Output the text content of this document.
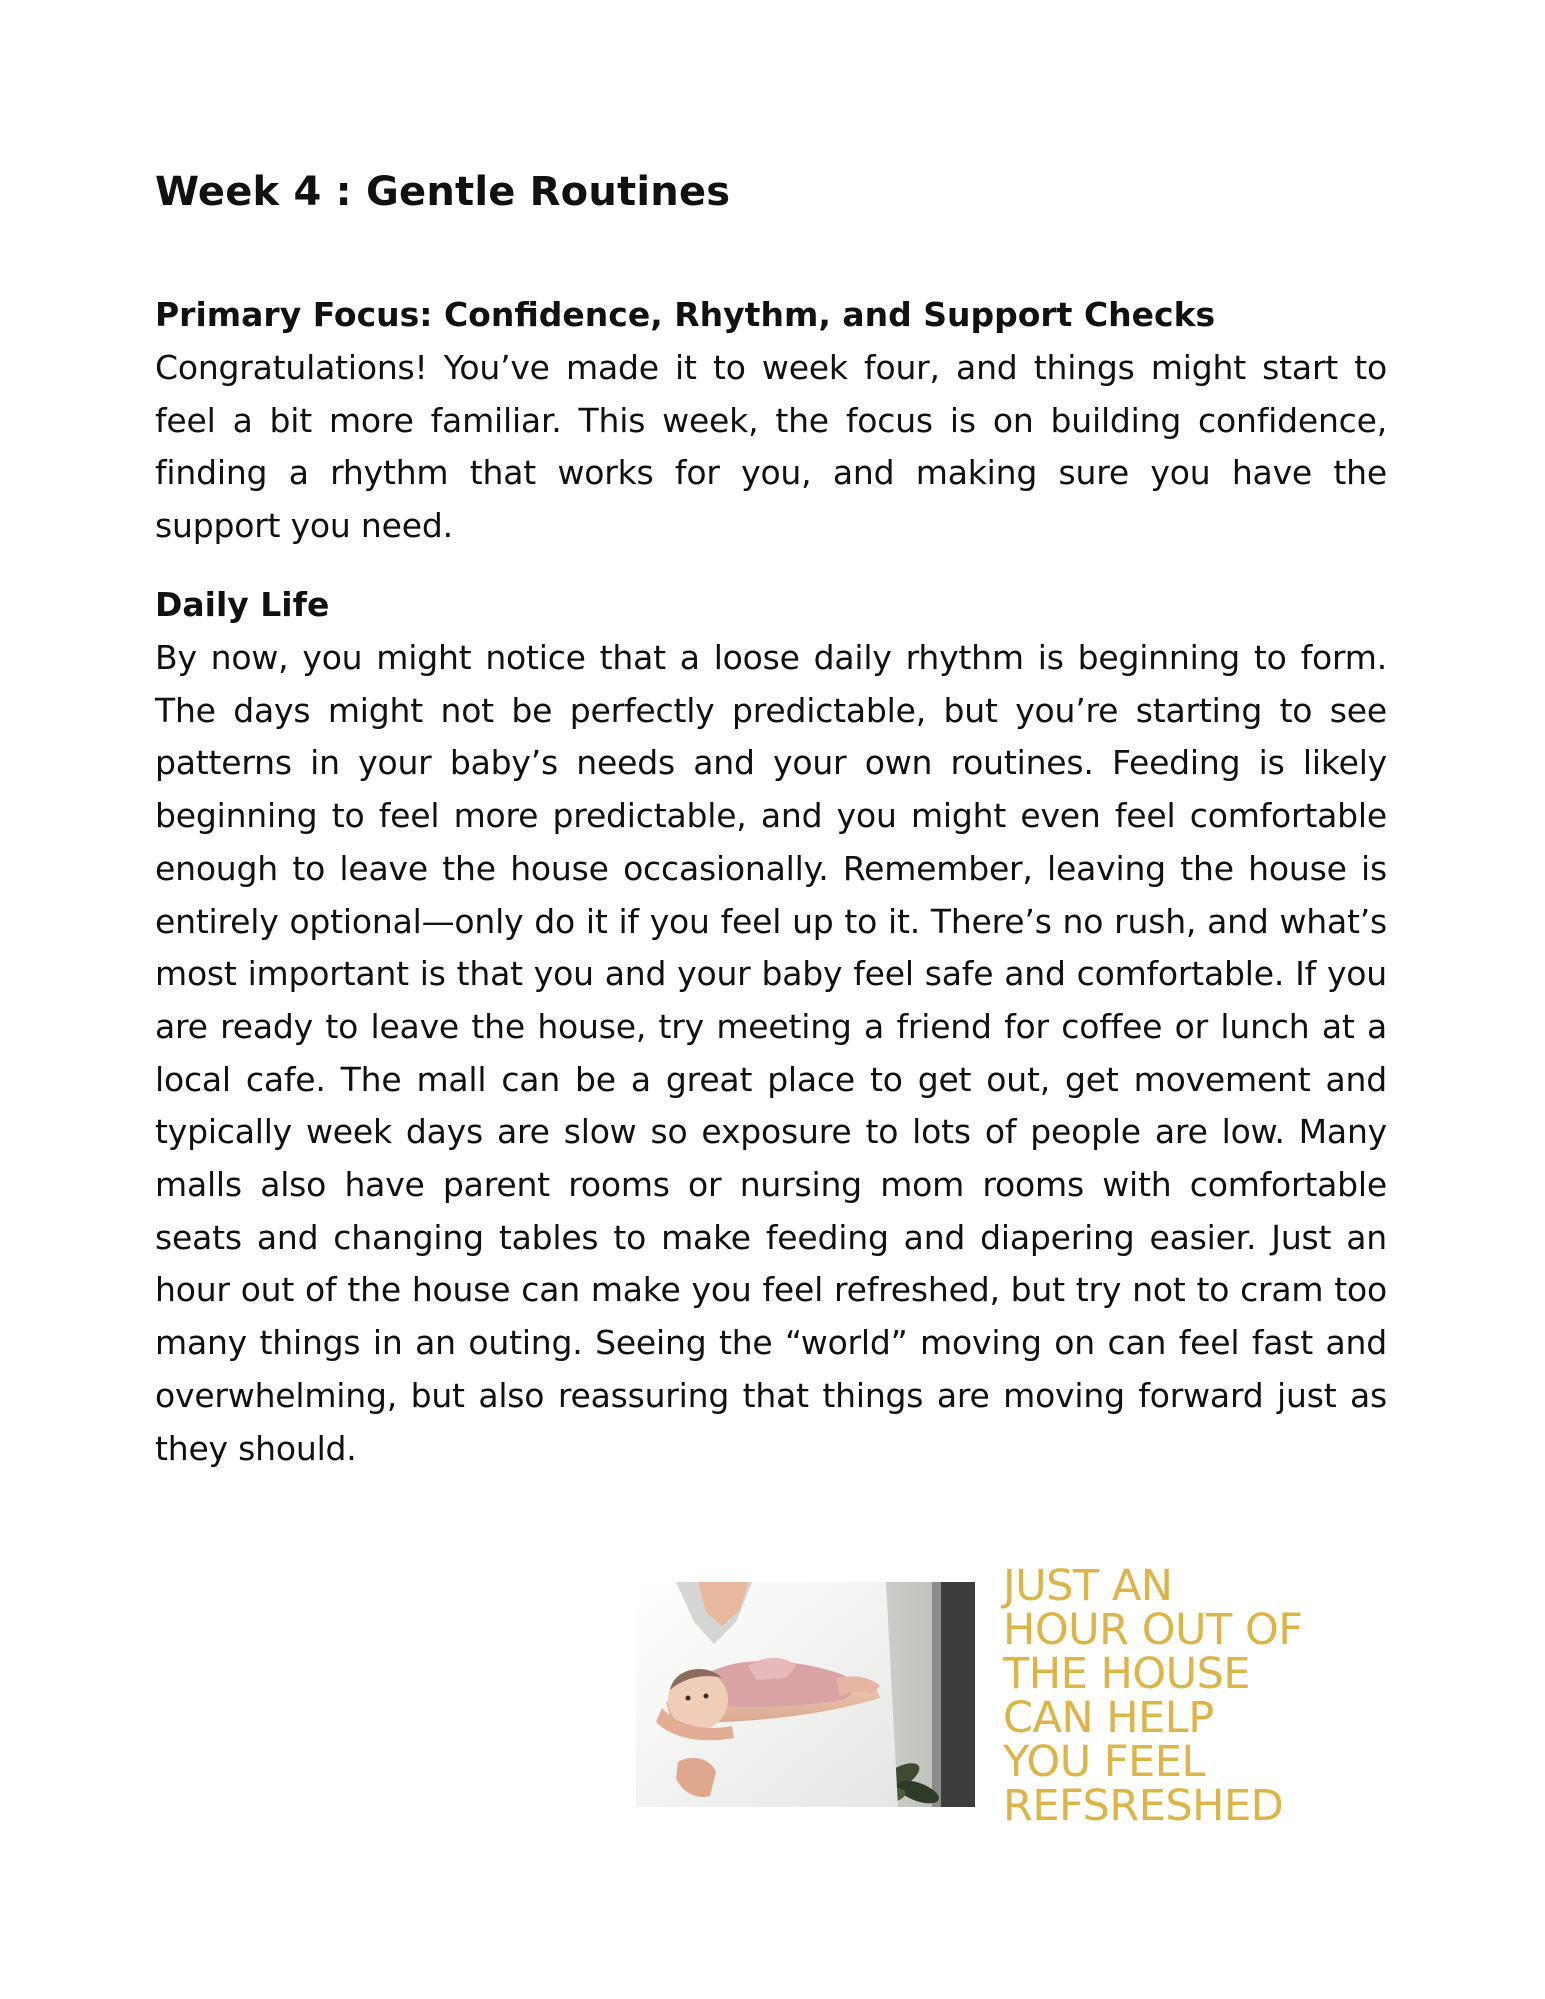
Week 4 : Gentle Routines
Primary Focus: Confidence, Rhythm, and Support Checks

Congratulations! You’ve made it to week four, and things might start to feel a bit more familiar. This week, the focus is on building confidence, finding a rhythm that works for you, and making sure you have the support you need.

Daily Life

By now, you might notice that a loose daily rhythm is beginning to form. The days might not be perfectly predictable, but you’re starting to see patterns in your baby’s needs and your own routines. Feeding is likely beginning to feel more predictable, and you might even feel comfortable enough to leave the house occasionally. Remember, leaving the house is entirely optional—only do it if you feel up to it. There’s no rush, and what’s most important is that you and your baby feel safe and comfortable. If you are ready to leave the house, try meeting a friend for coffee or lunch at a local cafe. The mall can be a great place to get out, get movement and typically week days are slow so exposure to lots of people are low. Many malls also have parent rooms or nursing mom rooms with comfortable seats and changing tables to make feeding and diapering easier. Just an hour out of the house can make you feel refreshed, but try not to cram too many things in an outing. Seeing the “world” moving on can feel fast and overwhelming, but also reassuring that things are moving forward just as they should.

JUST AN
HOUR OUT OF
THE HOUSE
CAN HELP
YOU FEEL
REFSRESHED
